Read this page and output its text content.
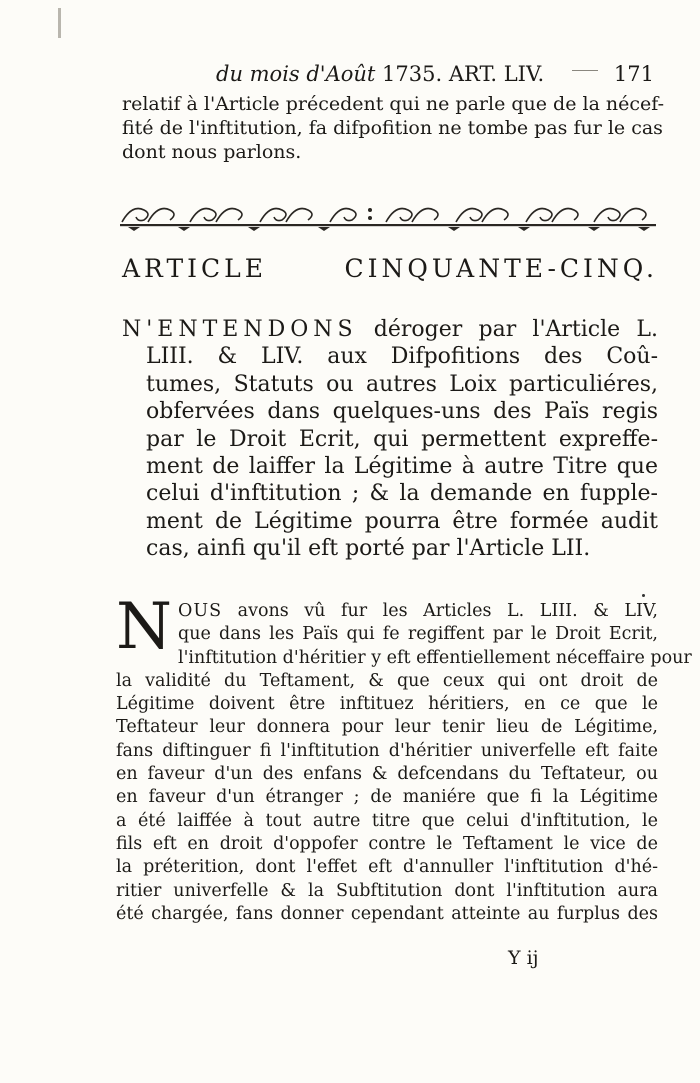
du mois d'Août 1735. ART. LIV.	171
relatif à l'Article précedent qui ne parle que de la nécef-
fité de l'inftitution, fa difpofition ne tombe pas fur le cas
dont nous parlons.
ARTICLE CINQUANTE-CINQ.
N'ENTENDONS déroger par l'Article L.
LIII. & LIV. aux Difpofitions des Coû-
tumes, Statuts ou autres Loix particuliéres,
obfervées dans quelques-uns des Païs regis
par le Droit Ecrit, qui permettent expreffe-
ment de laiffer la Légitime à autre Titre que
celui d'inftitution ; & la demande en fupple-
ment de Légitime pourra être formée audit
cas, ainfi qu'il eft porté par l'Article LII.
N OUS avons vû fur les Articles L. LIII. & LIV,
que dans les Païs qui fe regiffent par le Droit Ecrit,
l'inftitution d'héritier y eft effentiellement néceffaire pour
la validité du Teftament, & que ceux qui ont droit de
Légitime doivent être inftituez héritiers, en ce que le
Teftateur leur donnera pour leur tenir lieu de Légitime,
fans diftinguer fi l'inftitution d'héritier univerfelle eft faite
en faveur d'un des enfans & defcendans du Teftateur, ou
en faveur d'un étranger ; de maniére que fi la Légitime
a été laiffée à tout autre titre que celui d'inftitution, le
fils eft en droit d'oppofer contre le Teftament le vice de
la préterition, dont l'effet eft d'annuller l'inftitution d'hé-
ritier univerfelle & la Subftitution dont l'inftitution aura
été chargée, fans donner cependant atteinte au furplus des
Y ij
